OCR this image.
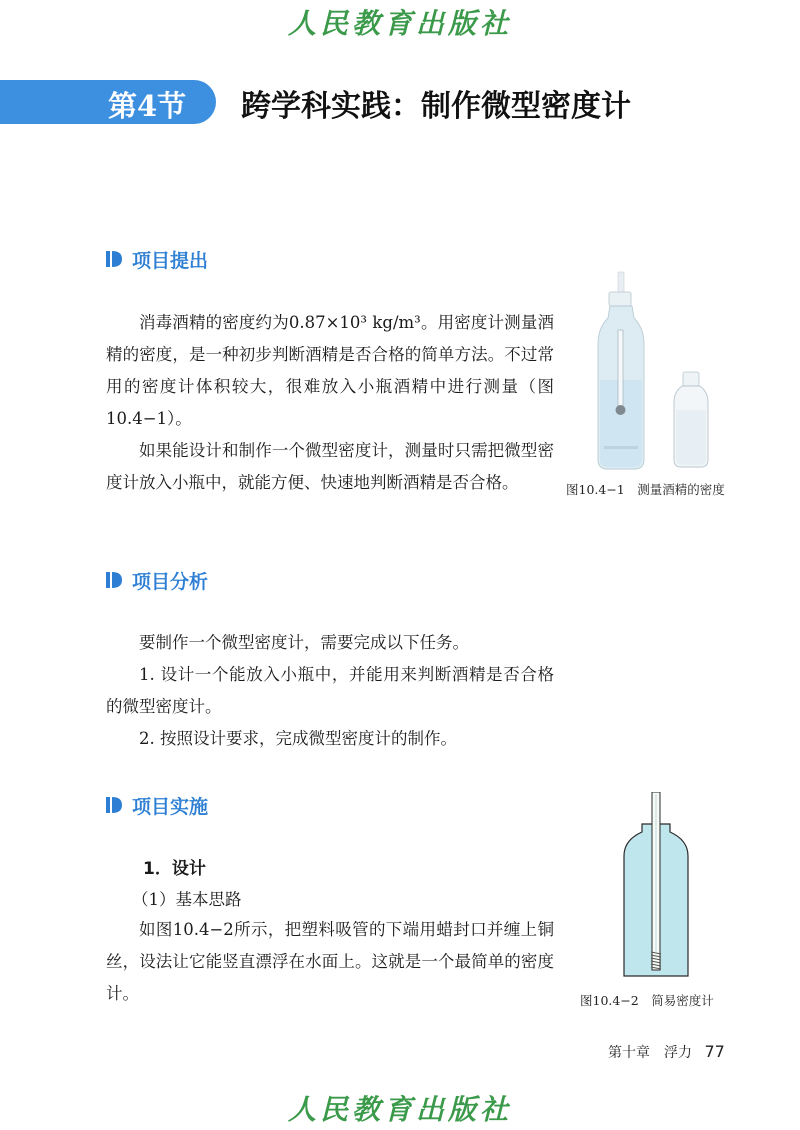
人民教育出版社
第4节 跨学科实践：制作微型密度计
项目提出

消毒酒精的密度约为0.87×10³ kg/m³。用密度计测量酒精的密度，是一种初步判断酒精是否合格的简单方法。不过常用的密度计体积较大，很难放入小瓶酒精中进行测量（图10.4−1）。

如果能设计和制作一个微型密度计，测量时只需把微型密度计放入小瓶中，就能方便、快速地判断酒精是否合格。	图10.4−1　测量酒精的密度
项目分析

要制作一个微型密度计，需要完成以下任务。

1. 设计一个能放入小瓶中，并能用来判断酒精是否合格的微型密度计。

2. 按照设计要求，完成微型密度计的制作。

项目实施
1．设计
（1）基本思路

如图10.4−2所示，把塑料吸管的下端用蜡封口并缠上铜丝，设法让它能竖直漂浮在水面上。这就是一个最简单的密度计。	图10.4−2　简易密度计
第十章　浮力 77
人民教育出版社
